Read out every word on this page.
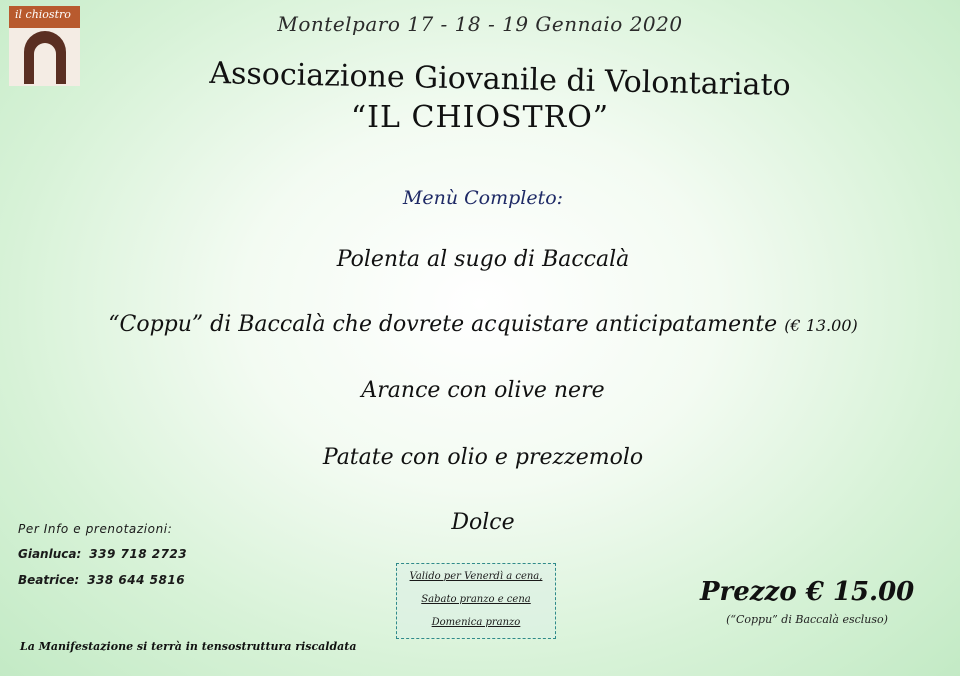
il chiostro	Montelparo 17 - 18 - 19 Gennaio 2020
Associazione Giovanile di Volontariato
“IL CHIOSTRO”
Menù Completo:
Polenta al sugo di Baccalà
“Coppu” di Baccalà che dovrete acquistare anticipatamente (€ 13.00)
Arance con olive nere
Patate con olio e prezzemolo
Dolce
Per Info e prenotazioni:
Gianluca: 339 718 2723
Beatrice: 338 644 5816	Valido per Venerdì a cena,
Sabato pranzo e cena
Domenica pranzo
Prezzo € 15.00
(“Coppu” di Baccalà escluso)
La Manifestazione si terrà in tensostruttura riscaldata
